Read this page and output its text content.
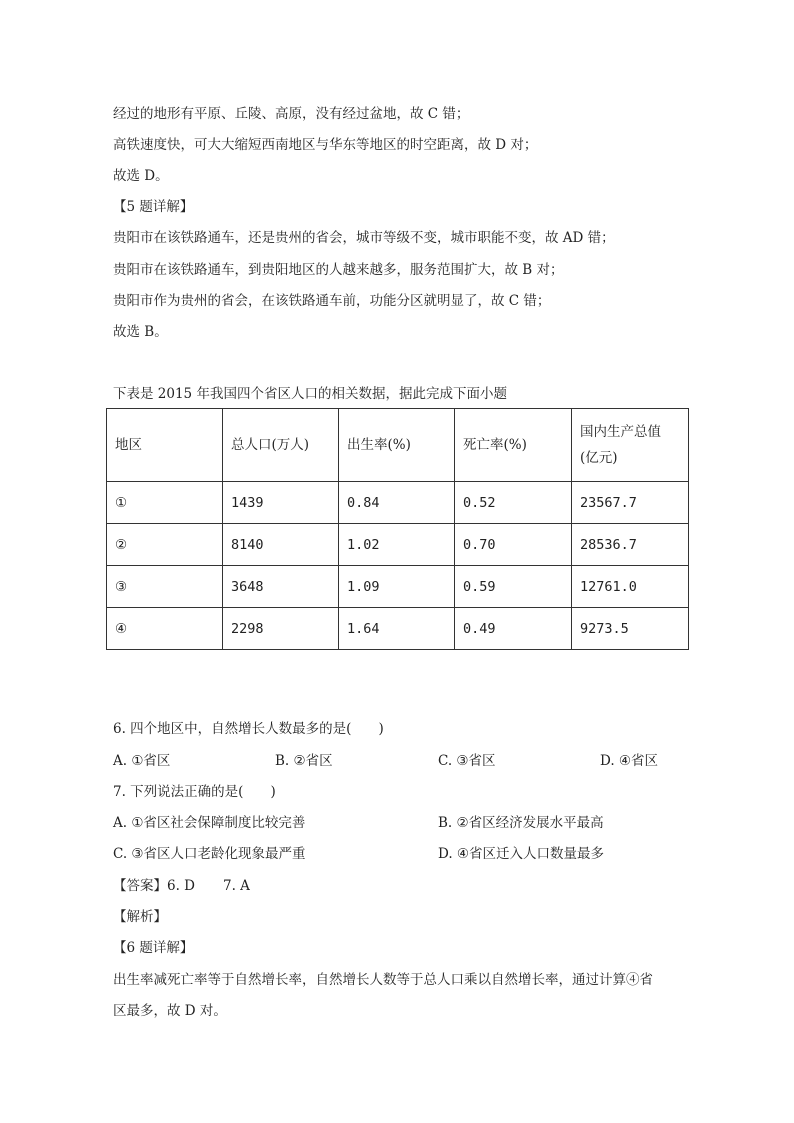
经过的地形有平原、丘陵、高原，没有经过盆地，故 C 错；
高铁速度快，可大大缩短西南地区与华东等地区的时空距离，故 D 对；
故选 D。
【5 题详解】
贵阳市在该铁路通车，还是贵州的省会，城市等级不变，城市职能不变，故 AD 错；
贵阳市在该铁路通车，到贵阳地区的人越来越多，服务范围扩大，故 B 对；
贵阳市作为贵州的省会，在该铁路通车前，功能分区就明显了，故 C 错；
故选 B。
下表是 2015 年我国四个省区人口的相关数据，据此完成下面小题
地区	总人口(万人)	出生率(%)	死亡率(%)	国内生产总值
(亿元)

①	1439	0.84	0.52	23567.7
②	8140	1.02	0.70	28536.7
③	3648	1.09	0.59	12761.0
④	2298	1.64	0.49	9273.5
6. 四个地区中，自然增长人数最多的是(　　)
A. ①省区	B. ②省区	C. ③省区	D. ④省区
7. 下列说法正确的是(　　)
A. ①省区社会保障制度比较完善	B. ②省区经济发展水平最高
C. ③省区人口老龄化现象最严重	D. ④省区迁入人口数量最多
【答案】6. D 7. A
【解析】
【6 题详解】
出生率减死亡率等于自然增长率，自然增长人数等于总人口乘以自然增长率，通过计算④省
区最多，故 D 对。
